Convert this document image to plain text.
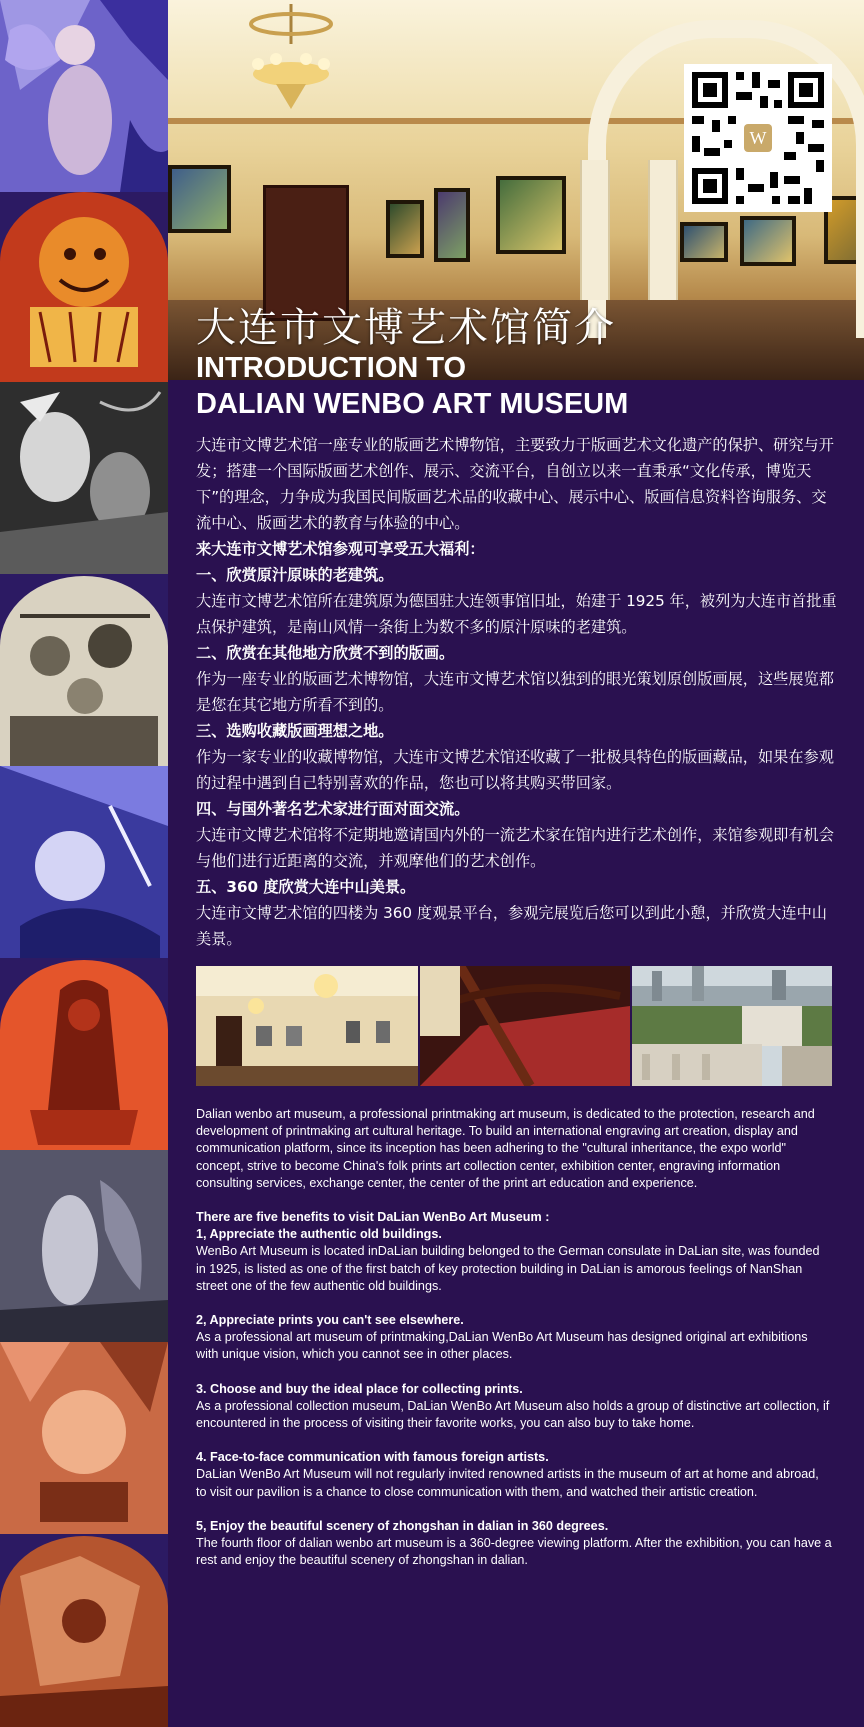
W
大连市文博艺术馆简介
INTRODUCTION TO
DALIAN WENBO ART MUSEUM

大连市文博艺术馆一座专业的版画艺术博物馆，主要致力于版画艺术文化遗产的保护、研究与开发；搭建一个国际版画艺术创作、展示、交流平台，自创立以来一直秉承“文化传承，博览天下”的理念，力争成为我国民间版画艺术品的收藏中心、展示中心、版画信息资料咨询服务、交流中心、版画艺术的教育与体验的中心。

来大连市文博艺术馆参观可享受五大福利：

一、欣赏原汁原味的老建筑。

大连市文博艺术馆所在建筑原为德国驻大连领事馆旧址，始建于 1925 年，被列为大连市首批重点保护建筑，是南山风情一条街上为数不多的原汁原味的老建筑。

二、欣赏在其他地方欣赏不到的版画。

作为一座专业的版画艺术博物馆，大连市文博艺术馆以独到的眼光策划原创版画展，这些展览都是您在其它地方所看不到的。

三、选购收藏版画理想之地。

作为一家专业的收藏博物馆，大连市文博艺术馆还收藏了一批极具特色的版画藏品，如果在参观的过程中遇到自己特别喜欢的作品，您也可以将其购买带回家。

四、与国外著名艺术家进行面对面交流。

大连市文博艺术馆将不定期地邀请国内外的一流艺术家在馆内进行艺术创作，来馆参观即有机会与他们进行近距离的交流，并观摩他们的艺术创作。

五、360 度欣赏大连中山美景。

大连市文博艺术馆的四楼为 360 度观景平台，参观完展览后您可以到此小憩，并欣赏大连中山美景。

Dalian wenbo art museum, a professional printmaking art museum, is dedicated to the protection, research and development of printmaking art cultural heritage. To build an international engraving art creation, display and communication platform, since its inception has been adhering to the "cultural inheritance, the expo world" concept, strive to become China's folk prints art collection center, exhibition center, engraving information consulting services, exchange center, the center of the print art education and experience.

There are five benefits to visit DaLian WenBo Art Museum :

1, Appreciate the authentic old buildings.

WenBo Art Museum is located inDaLian building belonged to the German consulate in DaLian site, was founded in 1925, is listed as one of the first batch of key protection building in DaLian is amorous feelings of NanShan street one of the few authentic old buildings.

2, Appreciate prints you can't see elsewhere.

As a professional art museum of printmaking,DaLian WenBo Art Museum has designed original art exhibitions with unique vision, which you cannot see in other places.

3. Choose and buy the ideal place for collecting prints.

As a professional collection museum, DaLian WenBo Art Museum also holds a group of distinctive art collection, if encountered in the process of visiting their favorite works, you can also buy to take home.

4. Face-to-face communication with famous foreign artists.

DaLian WenBo Art Museum will not regularly invited renowned artists in the museum of art at home and abroad, to visit our pavilion is a chance to close communication with them, and watched their artistic creation.

5, Enjoy the beautiful scenery of zhongshan in dalian in 360 degrees.

The fourth floor of dalian wenbo art museum is a 360-degree viewing platform. After the exhibition, you can have a rest and enjoy the beautiful scenery of zhongshan in dalian.
